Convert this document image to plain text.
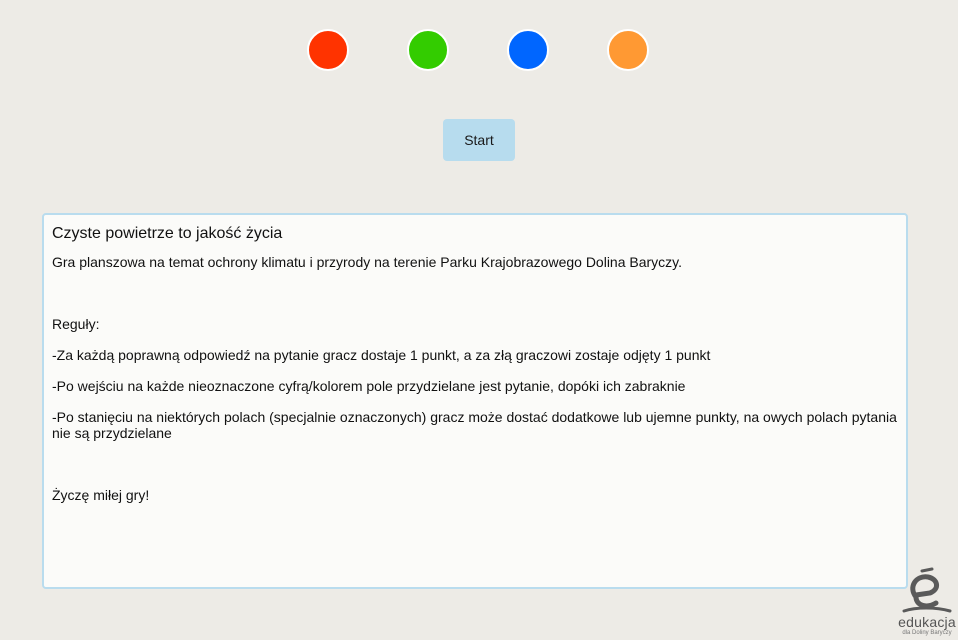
Start
Czyste powietrze to jakość życia

Gra planszowa na temat ochrony klimatu i przyrody na terenie Parku Krajobrazowego Dolina Baryczy.

Reguły:

-Za każdą poprawną odpowiedź na pytanie gracz dostaje 1 punkt, a za złą graczowi zostaje odjęty 1 punkt

-Po wejściu na każde nieoznaczone cyfrą/kolorem pole przydzielane jest pytanie, dopóki ich zabraknie

-Po stanięciu na niektórych polach (specjalnie oznaczonych) gracz może dostać dodatkowe lub ujemne punkty, na owych polach pytania nie są przydzielane

Życzę miłej gry!

edukacja
dla Doliny Baryczy
